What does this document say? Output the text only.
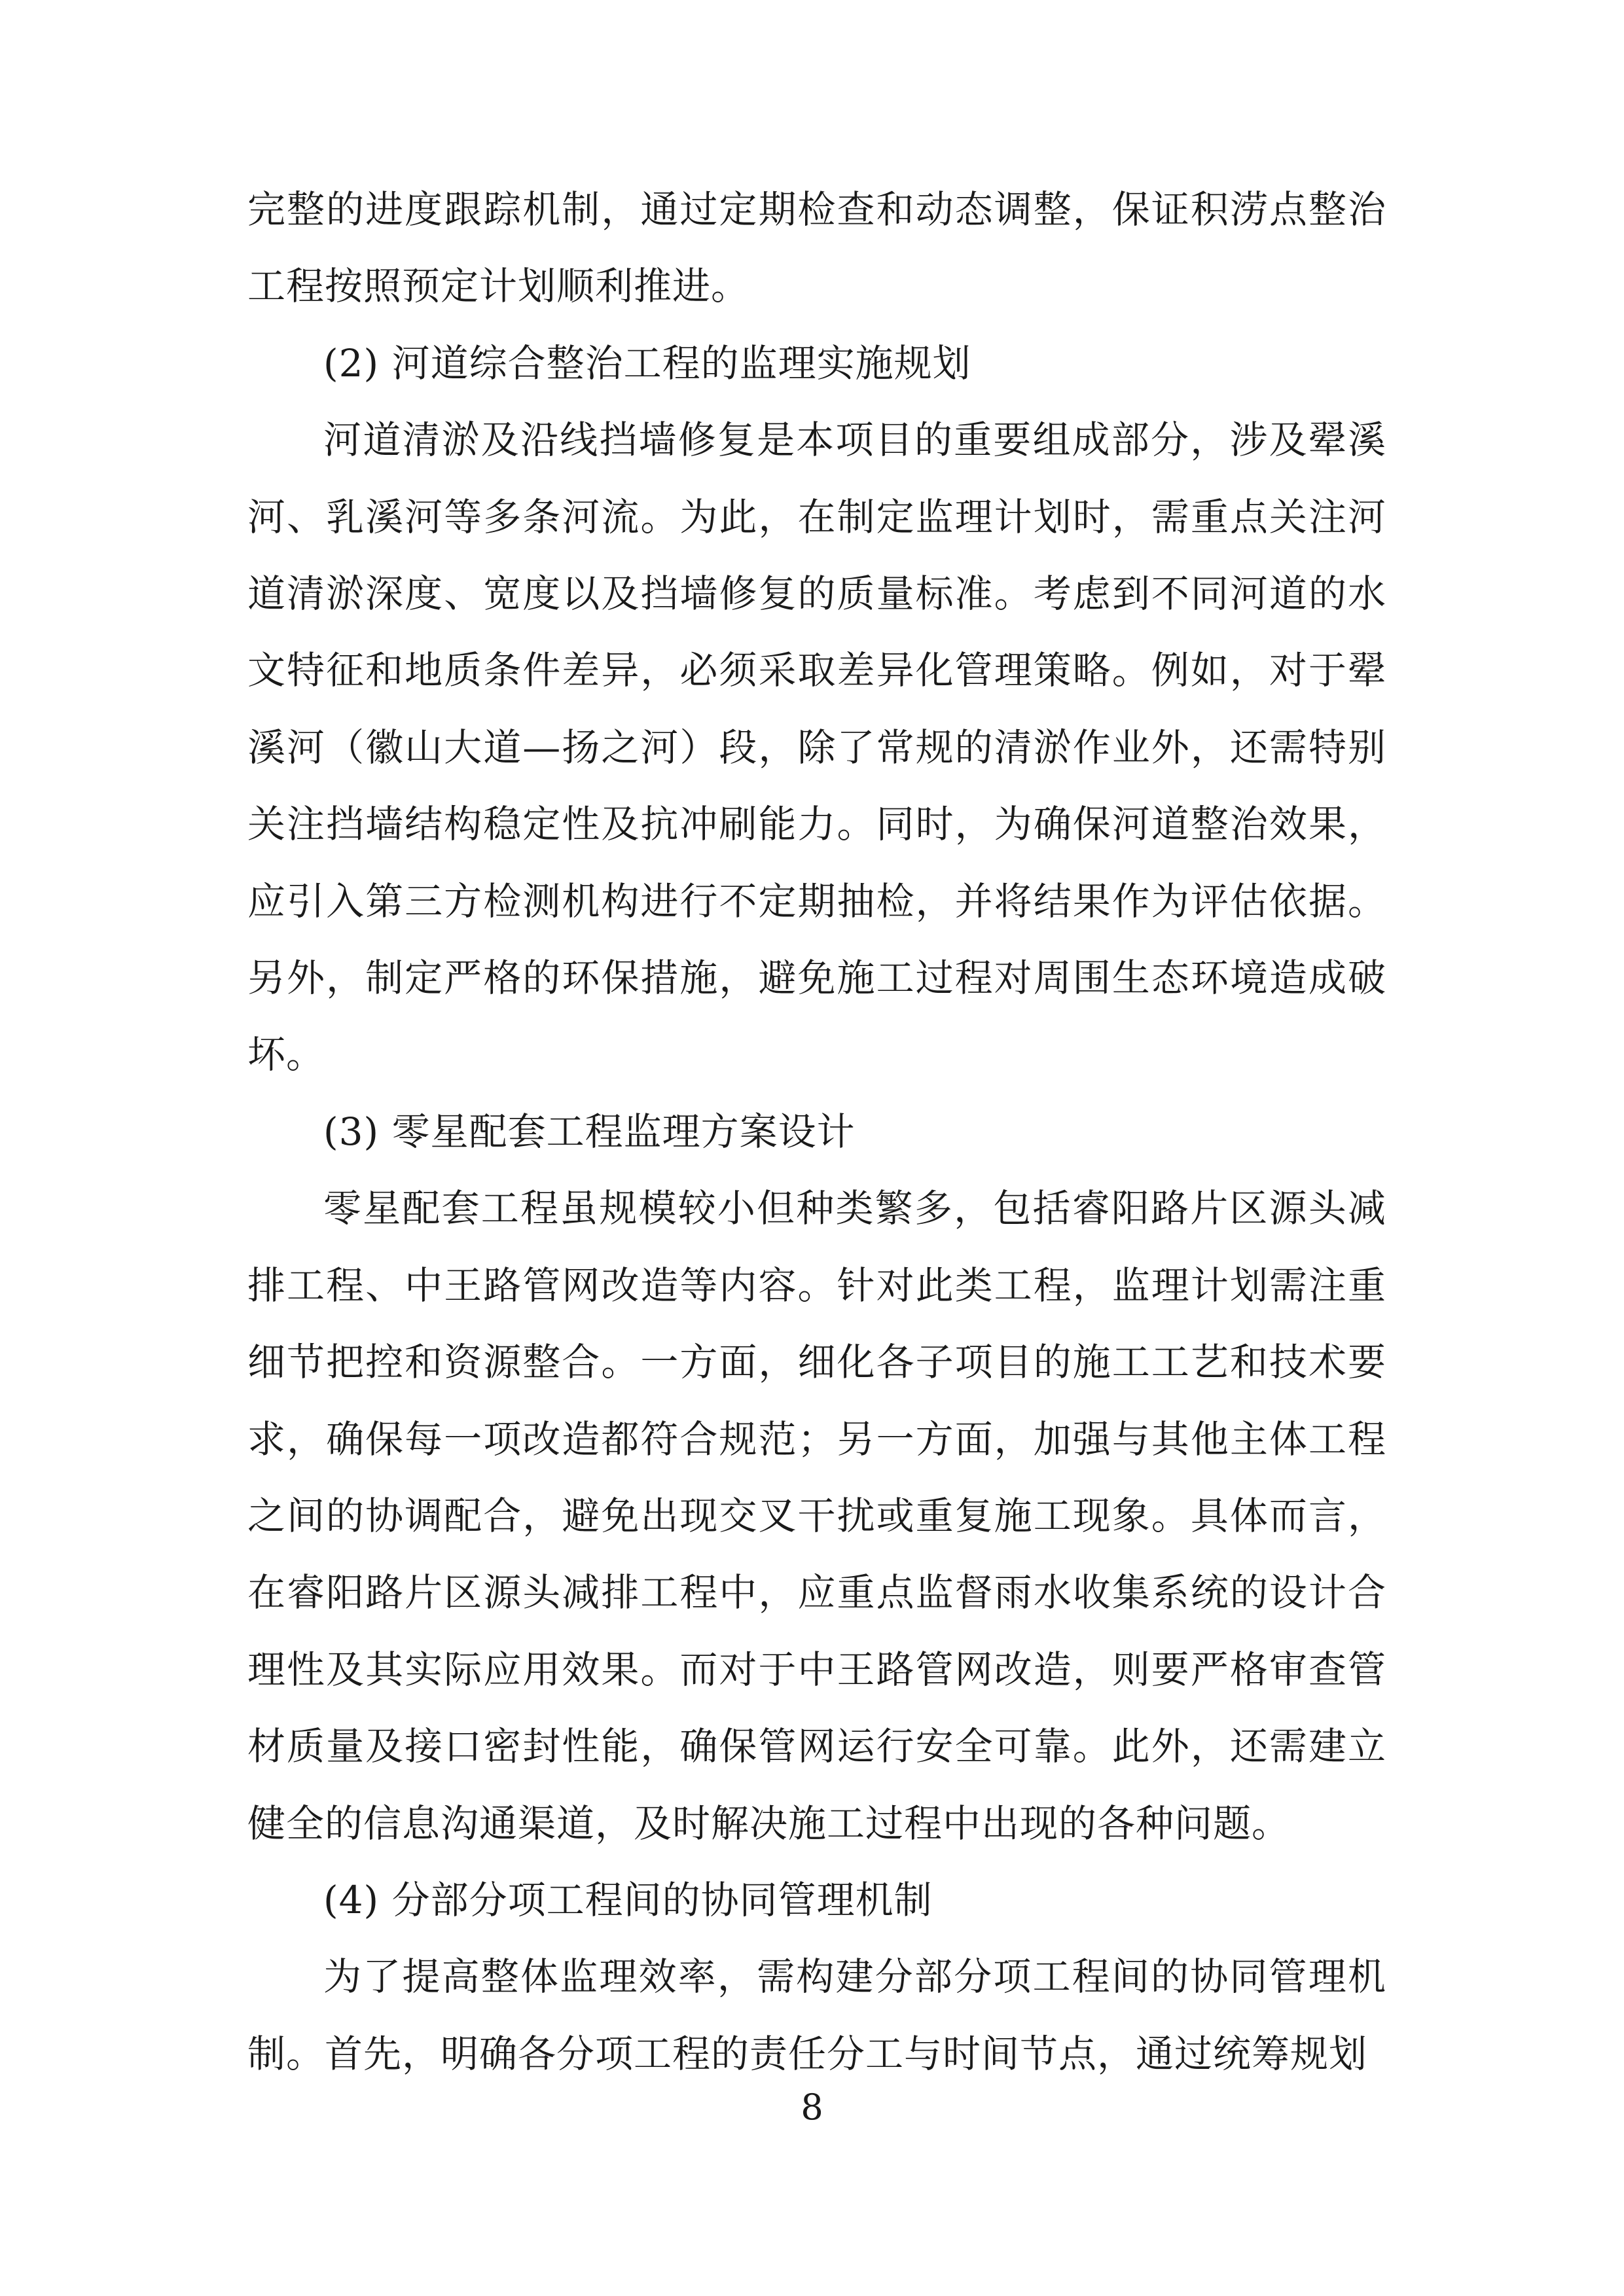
完整的进度跟踪机制，通过定期检查和动态调整，保证积涝点整治工程按照预定计划顺利推进。

(2) 河道综合整治工程的监理实施规划

河道清淤及沿线挡墙修复是本项目的重要组成部分，涉及翚溪河、乳溪河等多条河流。为此，在制定监理计划时，需重点关注河道清淤深度、宽度以及挡墙修复的质量标准。考虑到不同河道的水文特征和地质条件差异，必须采取差异化管理策略。例如，对于翚溪河（徽山大道—扬之河）段，除了常规的清淤作业外，还需特别关注挡墙结构稳定性及抗冲刷能力。同时，为确保河道整治效果，应引入第三方检测机构进行不定期抽检，并将结果作为评估依据。另外，制定严格的环保措施，避免施工过程对周围生态环境造成破坏。

(3) 零星配套工程监理方案设计

零星配套工程虽规模较小但种类繁多，包括睿阳路片区源头减排工程、中王路管网改造等内容。针对此类工程，监理计划需注重细节把控和资源整合。一方面，细化各子项目的施工工艺和技术要求，确保每一项改造都符合规范；另一方面，加强与其他主体工程之间的协调配合，避免出现交叉干扰或重复施工现象。具体而言，在睿阳路片区源头减排工程中，应重点监督雨水收集系统的设计合理性及其实际应用效果。而对于中王路管网改造，则要严格审查管材质量及接口密封性能，确保管网运行安全可靠。此外，还需建立健全的信息沟通渠道，及时解决施工过程中出现的各种问题。

(4) 分部分项工程间的协同管理机制

为了提高整体监理效率，需构建分部分项工程间的协同管理机制。首先，明确各分项工程的责任分工与时间节点，通过统筹规划

8
